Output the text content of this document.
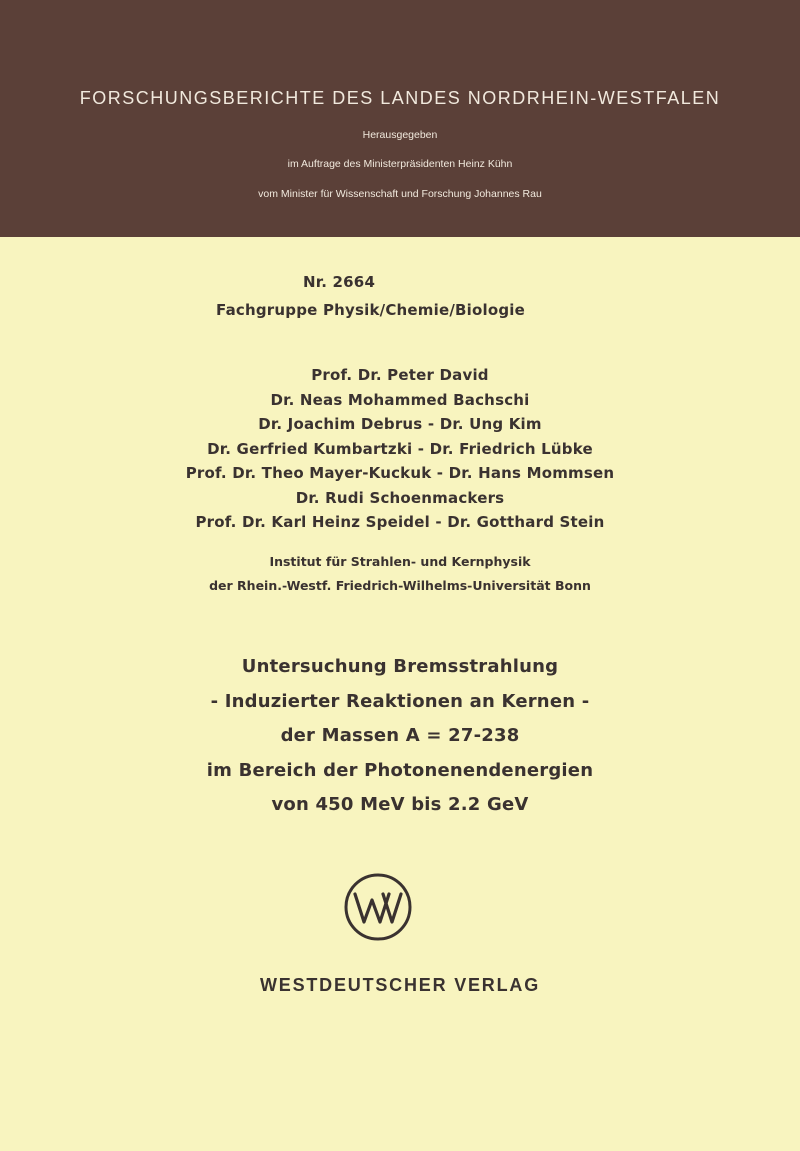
FORSCHUNGSBERICHTE DES LANDES NORDRHEIN-WESTFALEN
Herausgegeben
im Auftrage des Ministerpräsidenten Heinz Kühn
vom Minister für Wissenschaft und Forschung Johannes Rau
Nr. 2664
Fachgruppe Physik/Chemie/Biologie
Prof. Dr. Peter David
Dr. Neas Mohammed Bachschi
Dr. Joachim Debrus - Dr. Ung Kim
Dr. Gerfried Kumbartzki - Dr. Friedrich Lübke
Prof. Dr. Theo Mayer-Kuckuk - Dr. Hans Mommsen
Dr. Rudi Schoenmackers
Prof. Dr. Karl Heinz Speidel - Dr. Gotthard Stein
Institut für Strahlen- und Kernphysik
der Rhein.-Westf. Friedrich-Wilhelms-Universität Bonn
Untersuchung Bremsstrahlung
- Induzierter Reaktionen an Kernen -
der Massen A = 27-238
im Bereich der Photonenendenergien
von 450 MeV bis 2.2 GeV
WESTDEUTSCHER VERLAG
